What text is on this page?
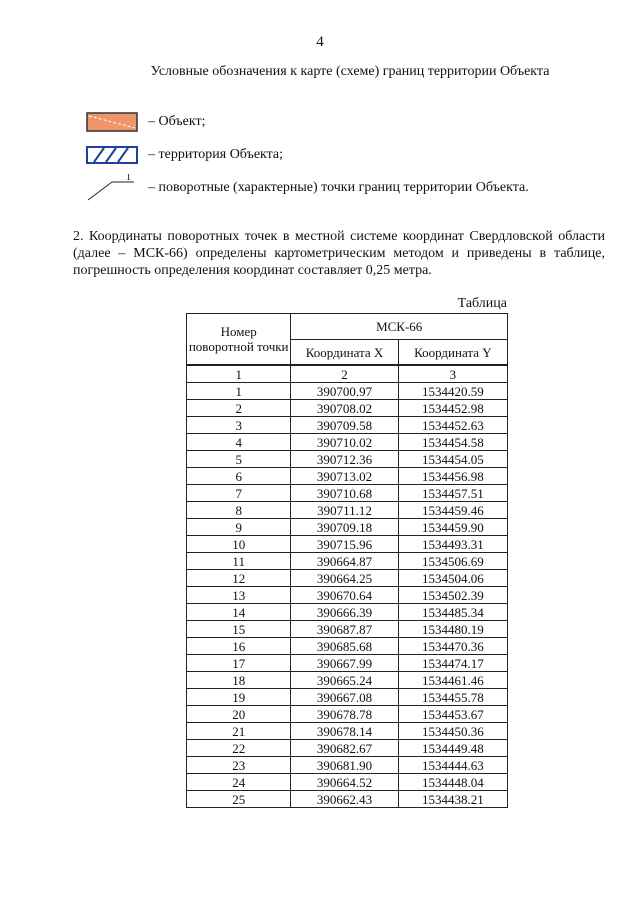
4
Условные обозначения к карте (схеме) границ территории Объекта
– Объект;
– территория Объекта;
1
– поворотные (характерные) точки границ территории Объекта.
2. Координаты поворотных точек в местной системе координат Свердловской области (далее – МСК-66) определены картометрическим методом и приведены в таблице, погрешность определения координат составляет 0,25 метра.
Таблица
Номер поворотной точки	МСК-66	
	Координата X	Координата Y
1	2	3
1	390700.97	1534420.59
2	390708.02	1534452.98
3	390709.58	1534452.63
4	390710.02	1534454.58
5	390712.36	1534454.05
6	390713.02	1534456.98
7	390710.68	1534457.51
8	390711.12	1534459.46
9	390709.18	1534459.90
10	390715.96	1534493.31
11	390664.87	1534506.69
12	390664.25	1534504.06
13	390670.64	1534502.39
14	390666.39	1534485.34
15	390687.87	1534480.19
16	390685.68	1534470.36
17	390667.99	1534474.17
18	390665.24	1534461.46
19	390667.08	1534455.78
20	390678.78	1534453.67
21	390678.14	1534450.36
22	390682.67	1534449.48
23	390681.90	1534444.63
24	390664.52	1534448.04
25	390662.43	1534438.21
